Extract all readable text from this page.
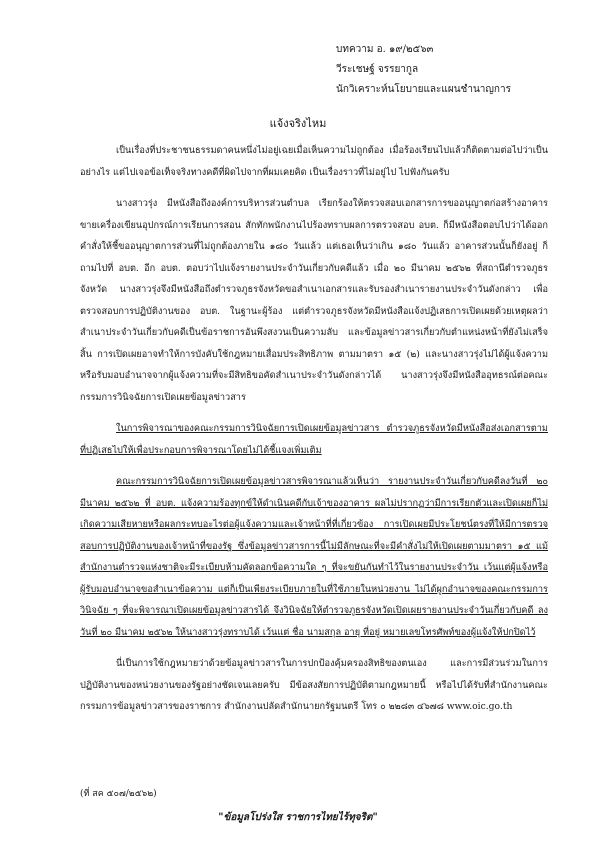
บทความ อ. ๑๙/๒๕๖๓
วีระเชษฐ์ จรรยากูล
นักวิเคราะห์นโยบายและแผนชำนาญการ
แจ้งจริงไหม

เป็นเรื่องที่ประชาชนธรรมดาคนหนึ่งไม่อยู่เฉยเมื่อเห็นความไม่ถูกต้อง เมื่อร้องเรียนไปแล้วก็ติดตามต่อไปว่าเป็นอย่างไร แต่ไปเจอข้อเท็จจริงทางคดีที่ผิดไปจากที่ผมเคยคิด เป็นเรื่องราวที่ไม่อยู่ไป ไปฟังกันครับ

นางสาวรุ่ง มีหนังสือถึงองค์การบริหารส่วนตำบล เรียกร้องให้ตรวจสอบเอกสารการขออนุญาตก่อสร้างอาคารขายเครื่องเขียนอุปกรณ์การเรียนการสอน สักทักพนักงานไปร้องทราบผลการตรวจสอบ อบต. ก็มีหนังสือตอบไปว่าได้ออกคำสั่งให้ชี้ขออนุญาตการส่วนที่ไม่ถูกต้องภายใน ๑๘๐ วันแล้ว แต่เธอเห็นว่าเกิน ๑๘๐ วันแล้ว อาคารส่วนนั้นก็ยังอยู่ ก็ถามไปที่ อบต. อีก อบต. ตอบว่าไปแจ้งรายงานประจำวันเกี่ยวกับคดีแล้ว เมื่อ ๒๐ มีนาคม ๒๕๖๒ ที่สถานีตำรวจภูธรจังหวัด นางสาวรุ่งจึงมีหนังสือถึงตำรวจภูธรจังหวัดขอสำเนาเอกสารและรับรองสำเนารายงานประจำวันดังกล่าว เพื่อตรวจสอบการปฏิบัติงานของ อบต. ในฐานะผู้ร้อง แต่ตำรวจภูธรจังหวัดมีหนังสือแจ้งปฏิเสธการเปิดเผยด้วยเหตุผลว่า สำเนาประจำวันเกี่ยวกับคดีเป็นข้อราชการอันพึงสงวนเป็นความลับ และข้อมูลข่าวสารเกี่ยวกับตำแหน่งหน้าที่ยังไม่เสร็จสิ้น การเปิดเผยอาจทำให้การบังคับใช้กฎหมายเสื่อมประสิทธิภาพ ตามมาตรา ๑๕ (๒) และนางสาวรุ่งไม่ได้ผู้แจ้งความหรือรับมอบอำนาจจากผู้แจ้งความที่จะมีสิทธิขอคัดสำเนาประจำวันดังกล่าวได้ นางสาวรุ่งจึงมีหนังสืออุทธรณ์ต่อคณะกรรมการวินิจฉัยการเปิดเผยข้อมูลข่าวสาร

ในการพิจารณาของคณะกรรมการวินิจฉัยการเปิดเผยข้อมูลข่าวสาร ตำรวจภูธรจังหวัดมีหนังสือส่งเอกสารตามที่ปฏิเสธไปให้เพื่อประกอบการพิจารณาโดยไม่ได้ชี้แจงเพิ่มเติม

คณะกรรมการวินิจฉัยการเปิดเผยข้อมูลข่าวสารพิจารณาแล้วเห็นว่า รายงานประจำวันเกี่ยวกับคดีลงวันที่ ๒๐ มีนาคม ๒๕๖๒ ที่ อบต. แจ้งความร้องทุกข์ให้ดำเนินคดีกับเจ้าของอาคาร ผลไม่ปรากฏว่ามีการเรียกตัวและเปิดเผยก็ไม่เกิดความเสียหายหรือผลกระทบอะไรต่อผู้แจ้งความและเจ้าหน้าที่ที่เกี่ยวข้อง การเปิดเผยมีประโยชน์ตรงที่ให้มีการตรวจสอบการปฏิบัติงานของเจ้าหน้าที่ของรัฐ ซึ่งข้อมูลข่าวสารการนี้ไม่มีลักษณะที่จะมีคำสั่งไม่ให้เปิดเผยตามมาตรา ๑๕ แม้สำนักงานตำรวจแห่งชาติจะมีระเบียบห้ามคัดลอกข้อความใด ๆ ที่จะขยันกันทำไว้ในรายงานประจำวัน เว้นแต่ผู้แจ้งหรือผู้รับมอบอำนาจขอสำเนาข้อความ แต่ก็เป็นเพียงระเบียบภายในที่ใช้ภายในหน่วยงาน ไม่ได้ผูกอำนาจของคณะกรรมการวินิจฉัย ๆ ที่จะพิจารณาเปิดเผยข้อมูลข่าวสารได้ จึงวินิจฉัยให้ตำรวจภูธรจังหวัดเปิดเผยรายงานประจำวันเกี่ยวกับคดี ลงวันที่ ๒๐ มีนาคม ๒๕๖๒ ให้นางสาวรุ่งทราบได้ เว้นแต่ ชื่อ นามสกุล อายุ ที่อยู่ หมายเลขโทรศัพท์ของผู้แจ้งให้ปกปิดไว้

นี่เป็นการใช้กฎหมายว่าด้วยข้อมูลข่าวสารในการปกป้องคุ้มครองสิทธิของตนเอง และการมีส่วนร่วมในการปฏิบัติงานของหน่วยงานของรัฐอย่างชัดเจนเลยครับ มีข้อสงสัยการปฏิบัติตามกฎหมายนี้ หรือไปได้รับที่สำนักงานคณะกรรมการข้อมูลข่าวสารของราชการ สำนักงานปลัดสำนักนายกรัฐมนตรี โทร ๐ ๒๒๘๓ ๔๖๗๘ www.oic.go.th

(ที่ สค ๕๐๗/๒๕๖๒)
"ข้อมูลโปร่งใส ราชการไทยไร้ทุจริต"
